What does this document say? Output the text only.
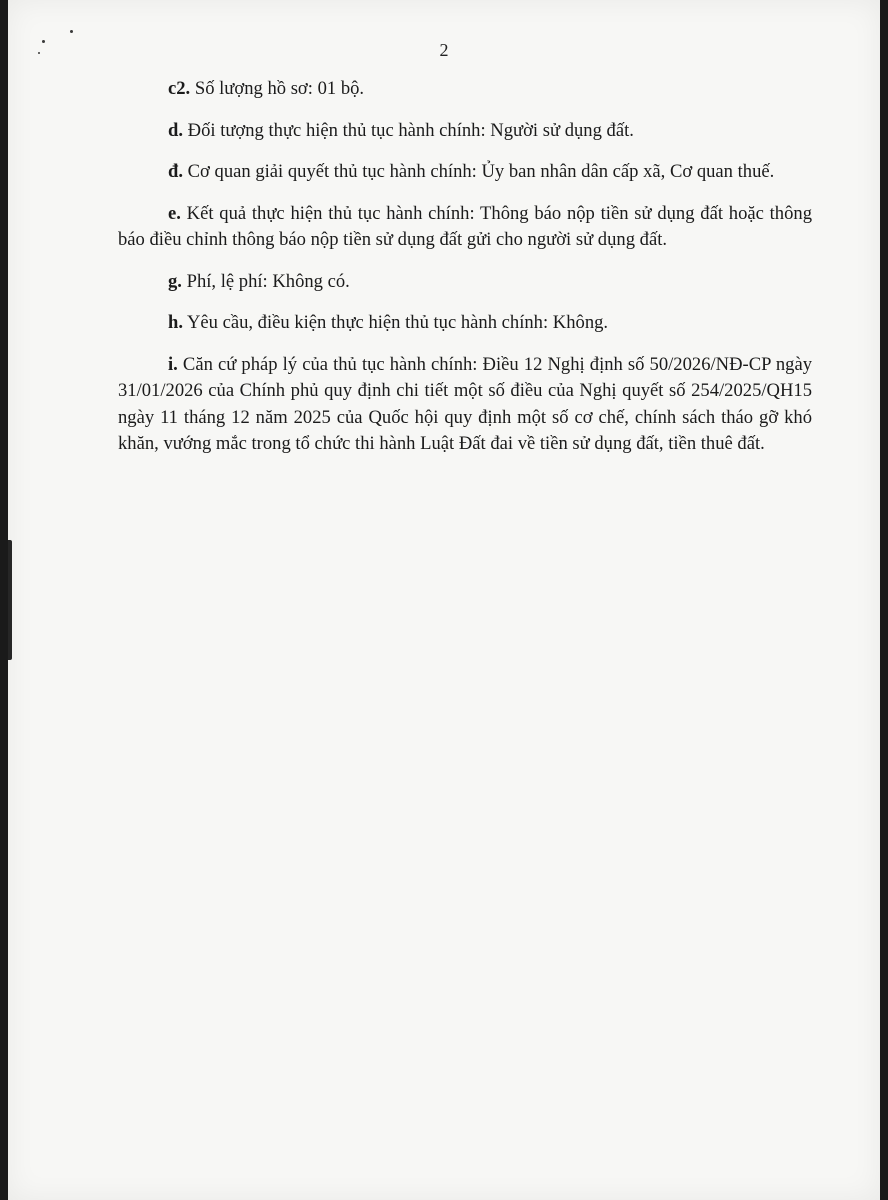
2

c2. Số lượng hồ sơ: 01 bộ.

d. Đối tượng thực hiện thủ tục hành chính: Người sử dụng đất.

đ. Cơ quan giải quyết thủ tục hành chính: Ủy ban nhân dân cấp xã, Cơ quan thuế.

e. Kết quả thực hiện thủ tục hành chính: Thông báo nộp tiền sử dụng đất hoặc thông báo điều chỉnh thông báo nộp tiền sử dụng đất gửi cho người sử dụng đất.

g. Phí, lệ phí: Không có.

h. Yêu cầu, điều kiện thực hiện thủ tục hành chính: Không.

i. Căn cứ pháp lý của thủ tục hành chính: Điều 12 Nghị định số 50/2026/NĐ-CP ngày 31/01/2026 của Chính phủ quy định chi tiết một số điều của Nghị quyết số 254/2025/QH15 ngày 11 tháng 12 năm 2025 của Quốc hội quy định một số cơ chế, chính sách tháo gỡ khó khăn, vướng mắc trong tổ chức thi hành Luật Đất đai về tiền sử dụng đất, tiền thuê đất.
